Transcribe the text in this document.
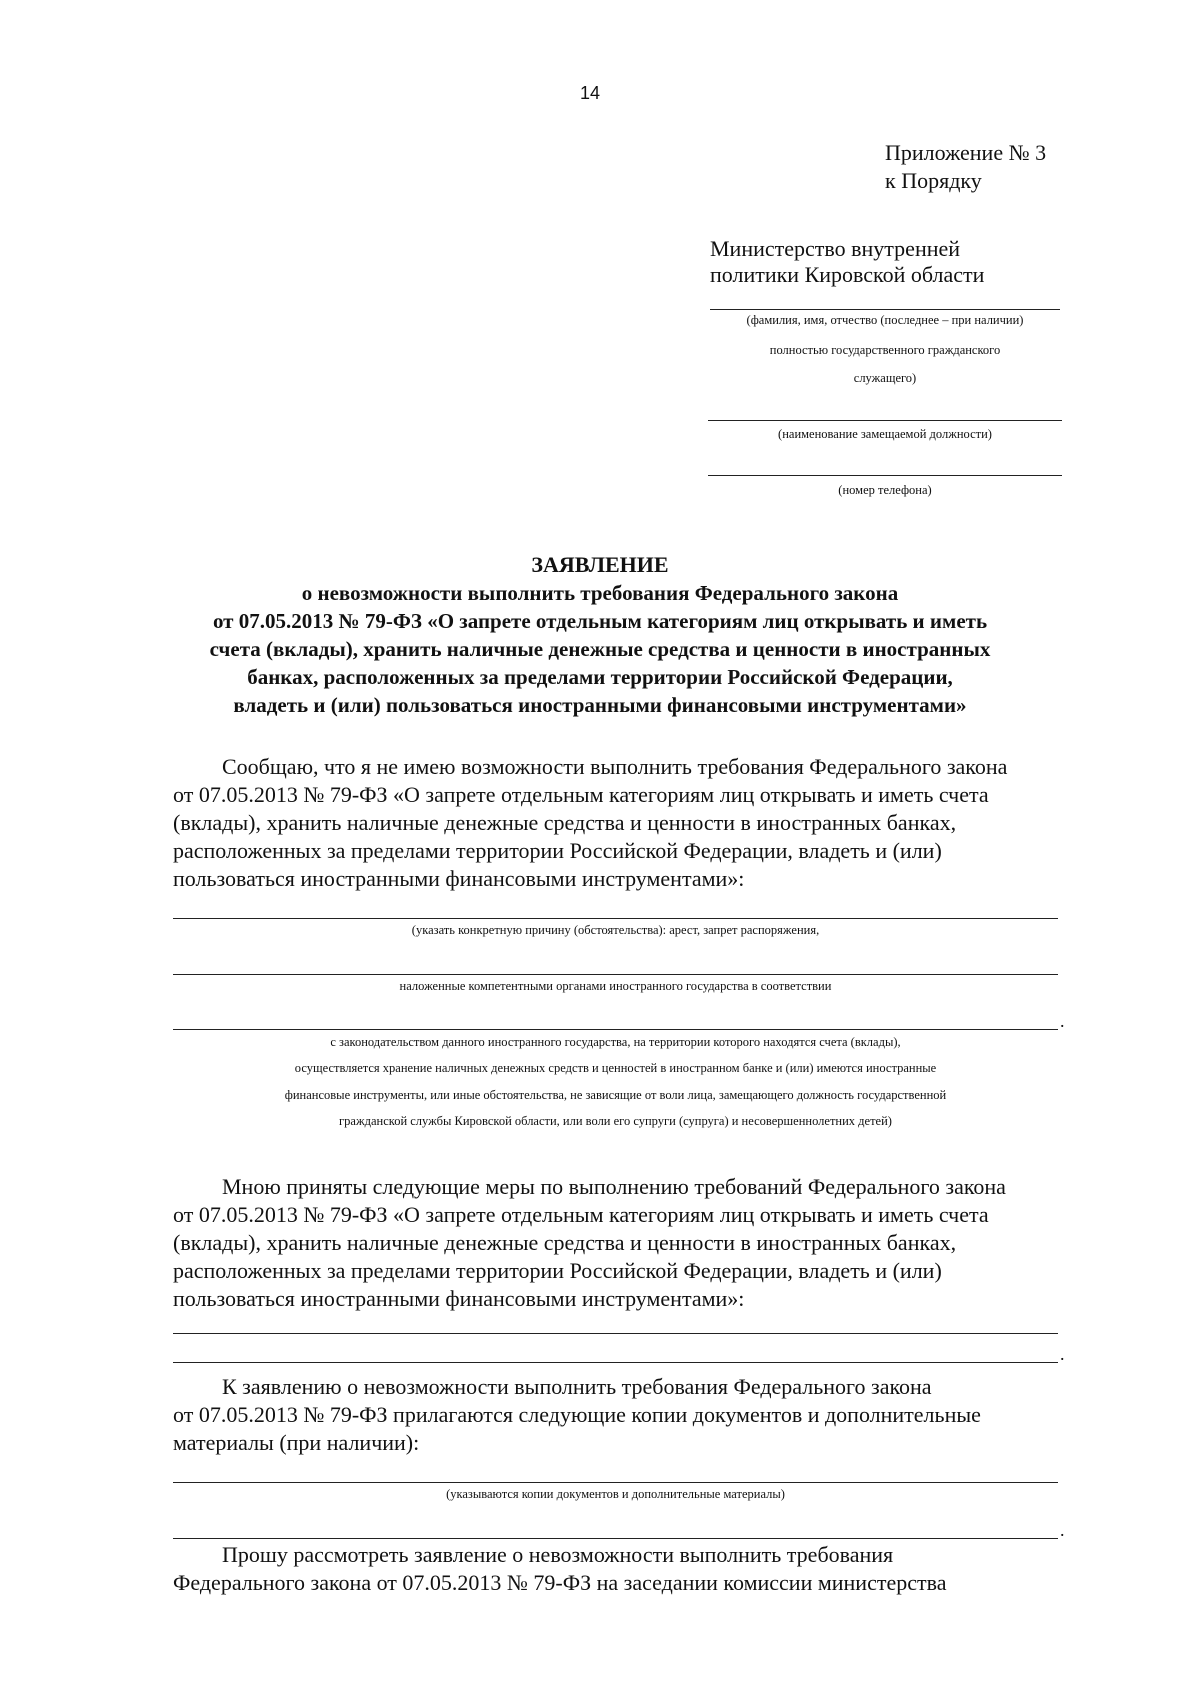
14
Приложение № 3
к Порядку
Министерство внутренней
политики Кировской области
(фамилия, имя, отчество (последнее – при наличии)
полностью государственного гражданского
служащего)
(наименование замещаемой должности)
(номер телефона)
ЗАЯВЛЕНИЕ
о невозможности выполнить требования Федерального закона
от 07.05.2013 № 79-ФЗ «О запрете отдельным категориям лиц открывать и иметь
счета (вклады), хранить наличные денежные средства и ценности в иностранных
банках, расположенных за пределами территории Российской Федерации,
владеть и (или) пользоваться иностранными финансовыми инструментами»
Сообщаю, что я не имею возможности выполнить требования Федерального закона
от 07.05.2013 № 79-ФЗ «О запрете отдельным категориям лиц открывать и иметь счета
(вклады), хранить наличные денежные средства и ценности в иностранных банках,
расположенных за пределами территории Российской Федерации, владеть и (или)
пользоваться иностранными финансовыми инструментами»:
(указать конкретную причину (обстоятельства): арест, запрет распоряжения,
наложенные компетентными органами иностранного государства в соответствии
.
с законодательством данного иностранного государства, на территории которого находятся счета (вклады),
осуществляется хранение наличных денежных средств и ценностей в иностранном банке и (или) имеются иностранные
финансовые инструменты, или иные обстоятельства, не зависящие от воли лица, замещающего должность государственной
гражданской службы Кировской области, или воли его супруги (супруга) и несовершеннолетних детей)
Мною приняты следующие меры по выполнению требований Федерального закона
от 07.05.2013 № 79-ФЗ «О запрете отдельным категориям лиц открывать и иметь счета
(вклады), хранить наличные денежные средства и ценности в иностранных банках,
расположенных за пределами территории Российской Федерации, владеть и (или)
пользоваться иностранными финансовыми инструментами»:
.
К заявлению о невозможности выполнить требования Федерального закона
от 07.05.2013 № 79-ФЗ прилагаются следующие копии документов и дополнительные
материалы (при наличии):
(указываются копии документов и дополнительные материалы)
.
Прошу рассмотреть заявление о невозможности выполнить требования
Федерального закона от 07.05.2013 № 79-ФЗ на заседании комиссии министерства
